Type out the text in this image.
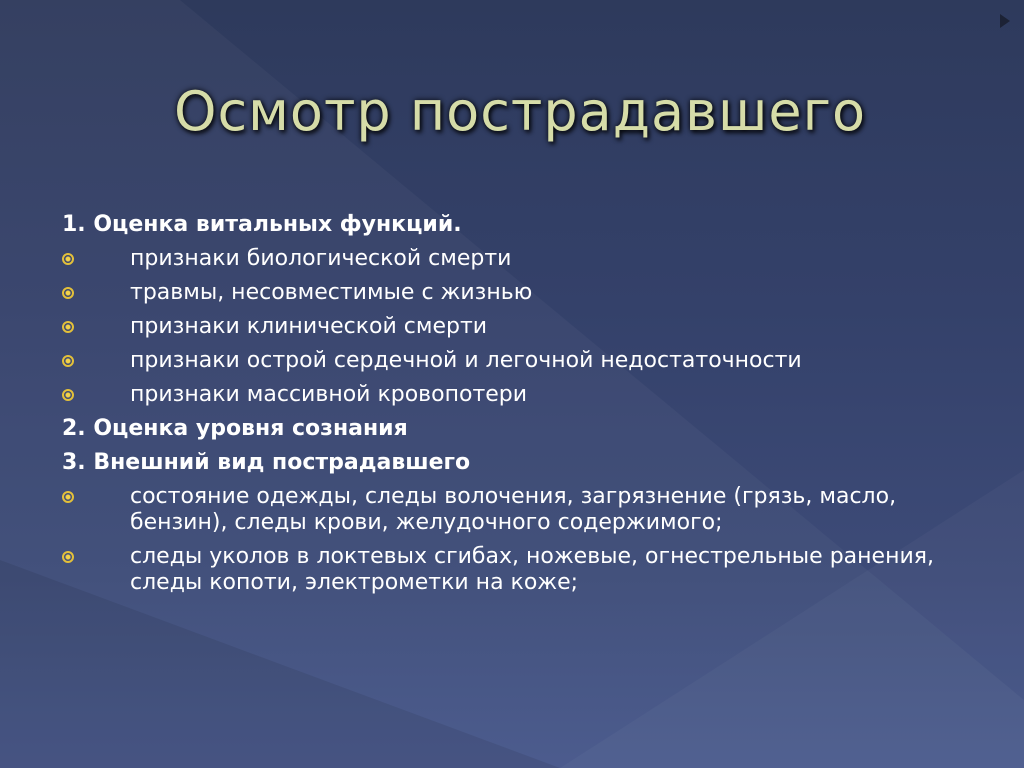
Осмотр пострадавшего
1. Оценка витальных функций.
признаки биологической смерти
травмы, несовместимые с жизнью
признаки клинической смерти
признаки острой сердечной и легочной недостаточности
признаки массивной кровопотери
2. Оценка уровня сознания
3. Внешний вид пострадавшего
состояние одежды, следы волочения, загрязнение (грязь, масло, бензин), следы крови, желудочного содержимого;
следы уколов в локтевых сгибах, ножевые, огнестрельные ранения, следы копоти, электрометки на коже;
